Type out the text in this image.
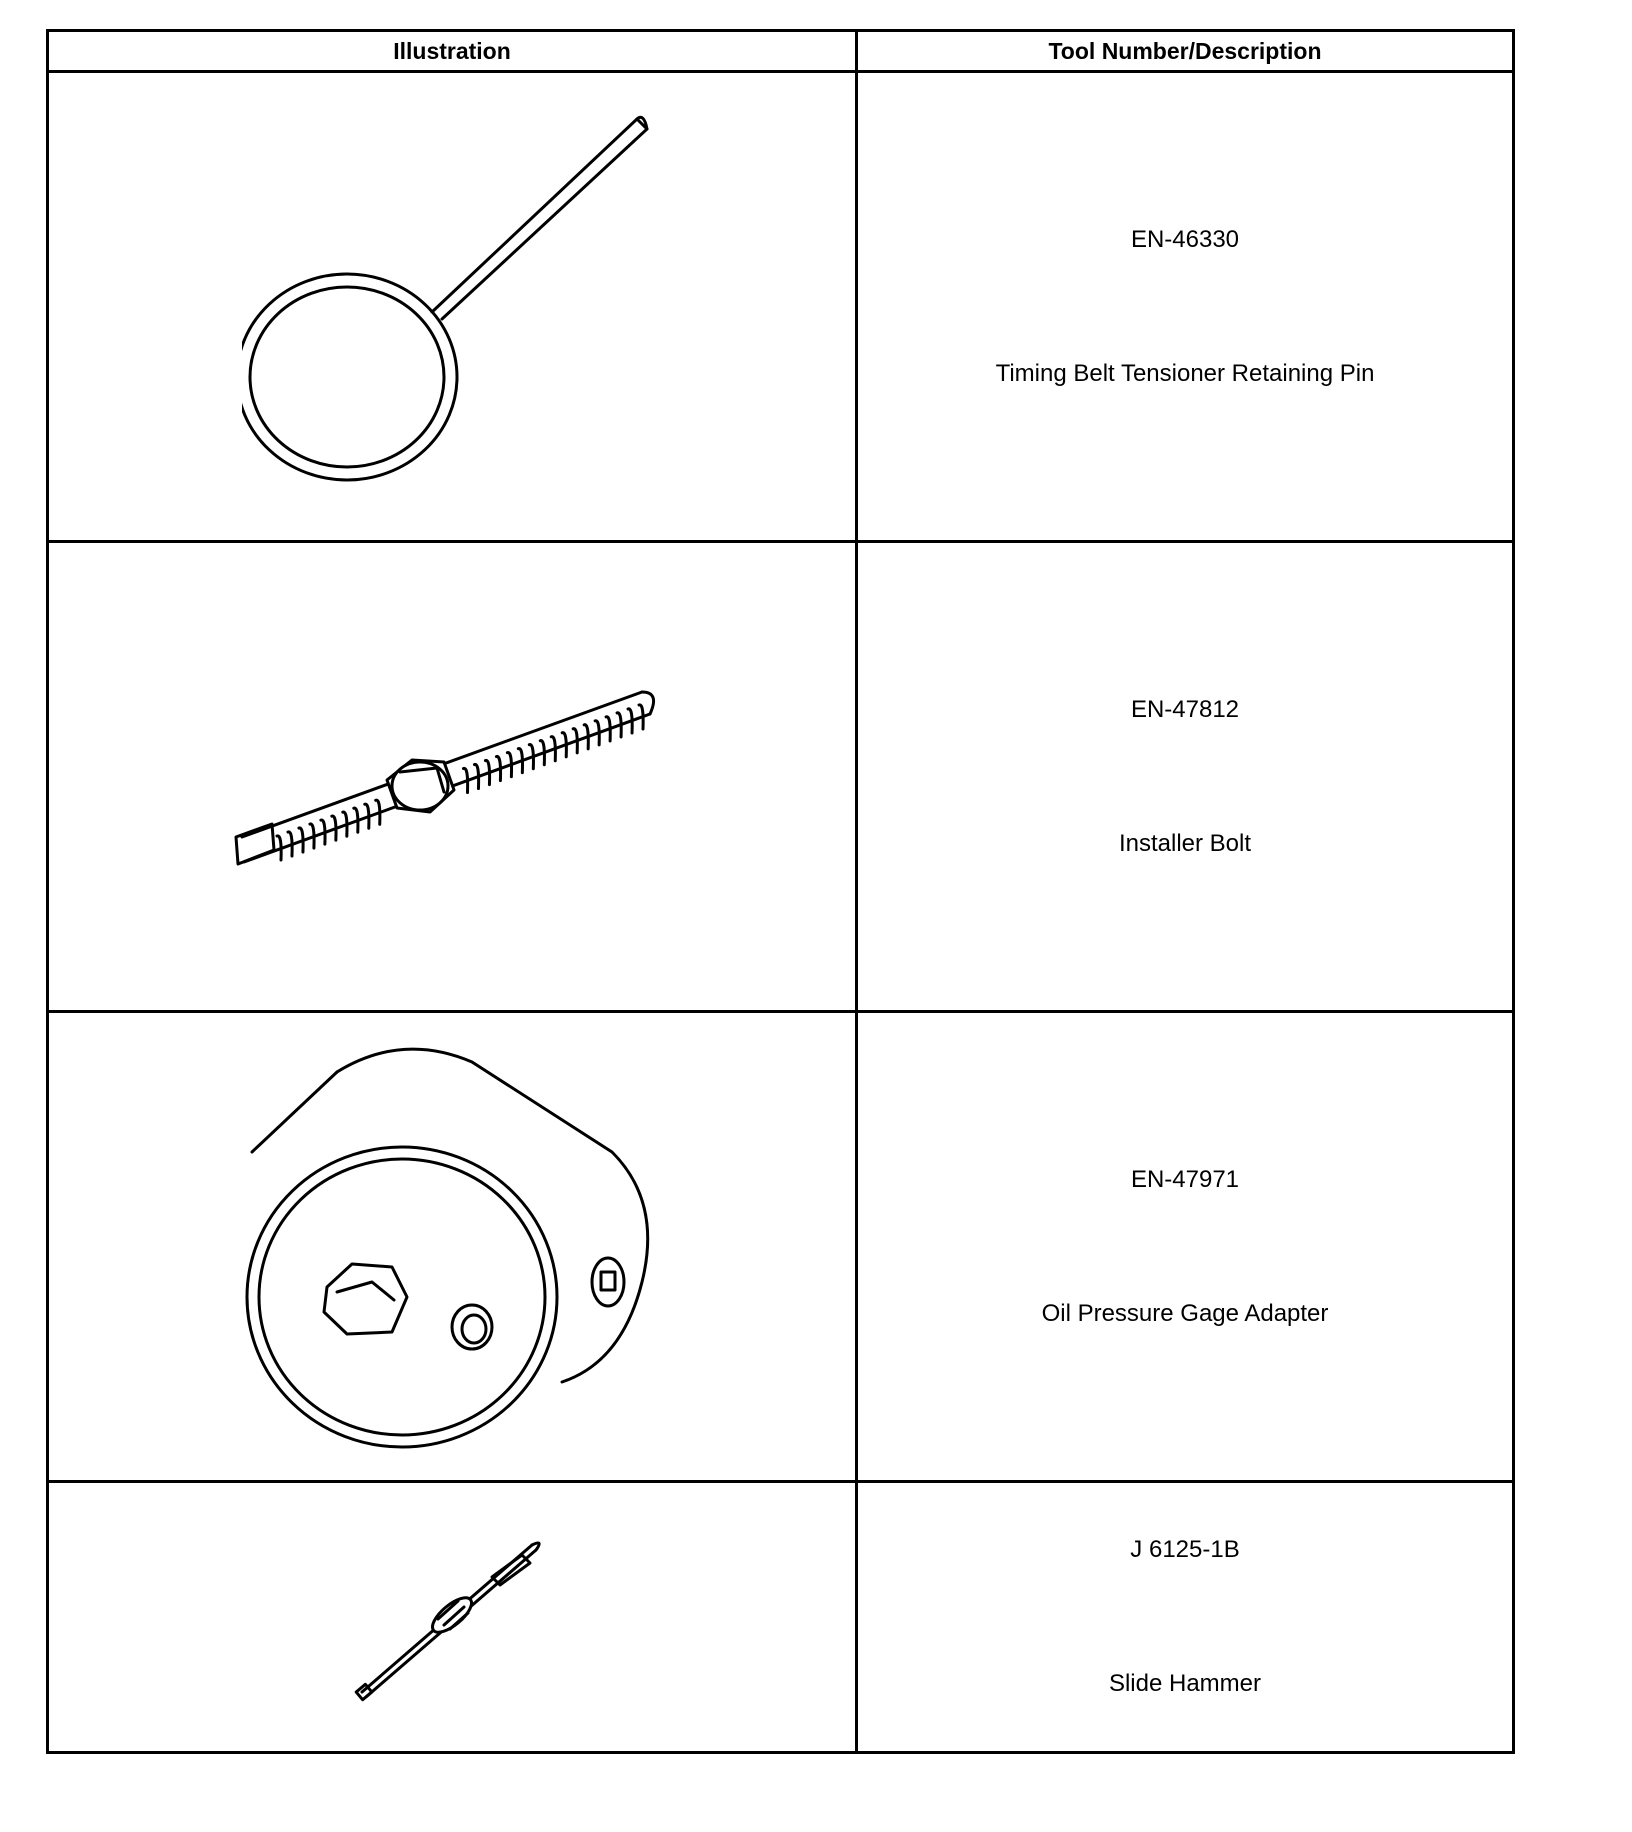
Illustration	Tool Number/Description

EN-46330
Timing Belt Tensioner Retaining Pin

EN-47812
Installer Bolt

EN-47971
Oil Pressure Gage Adapter

J 6125-1B
Slide Hammer
